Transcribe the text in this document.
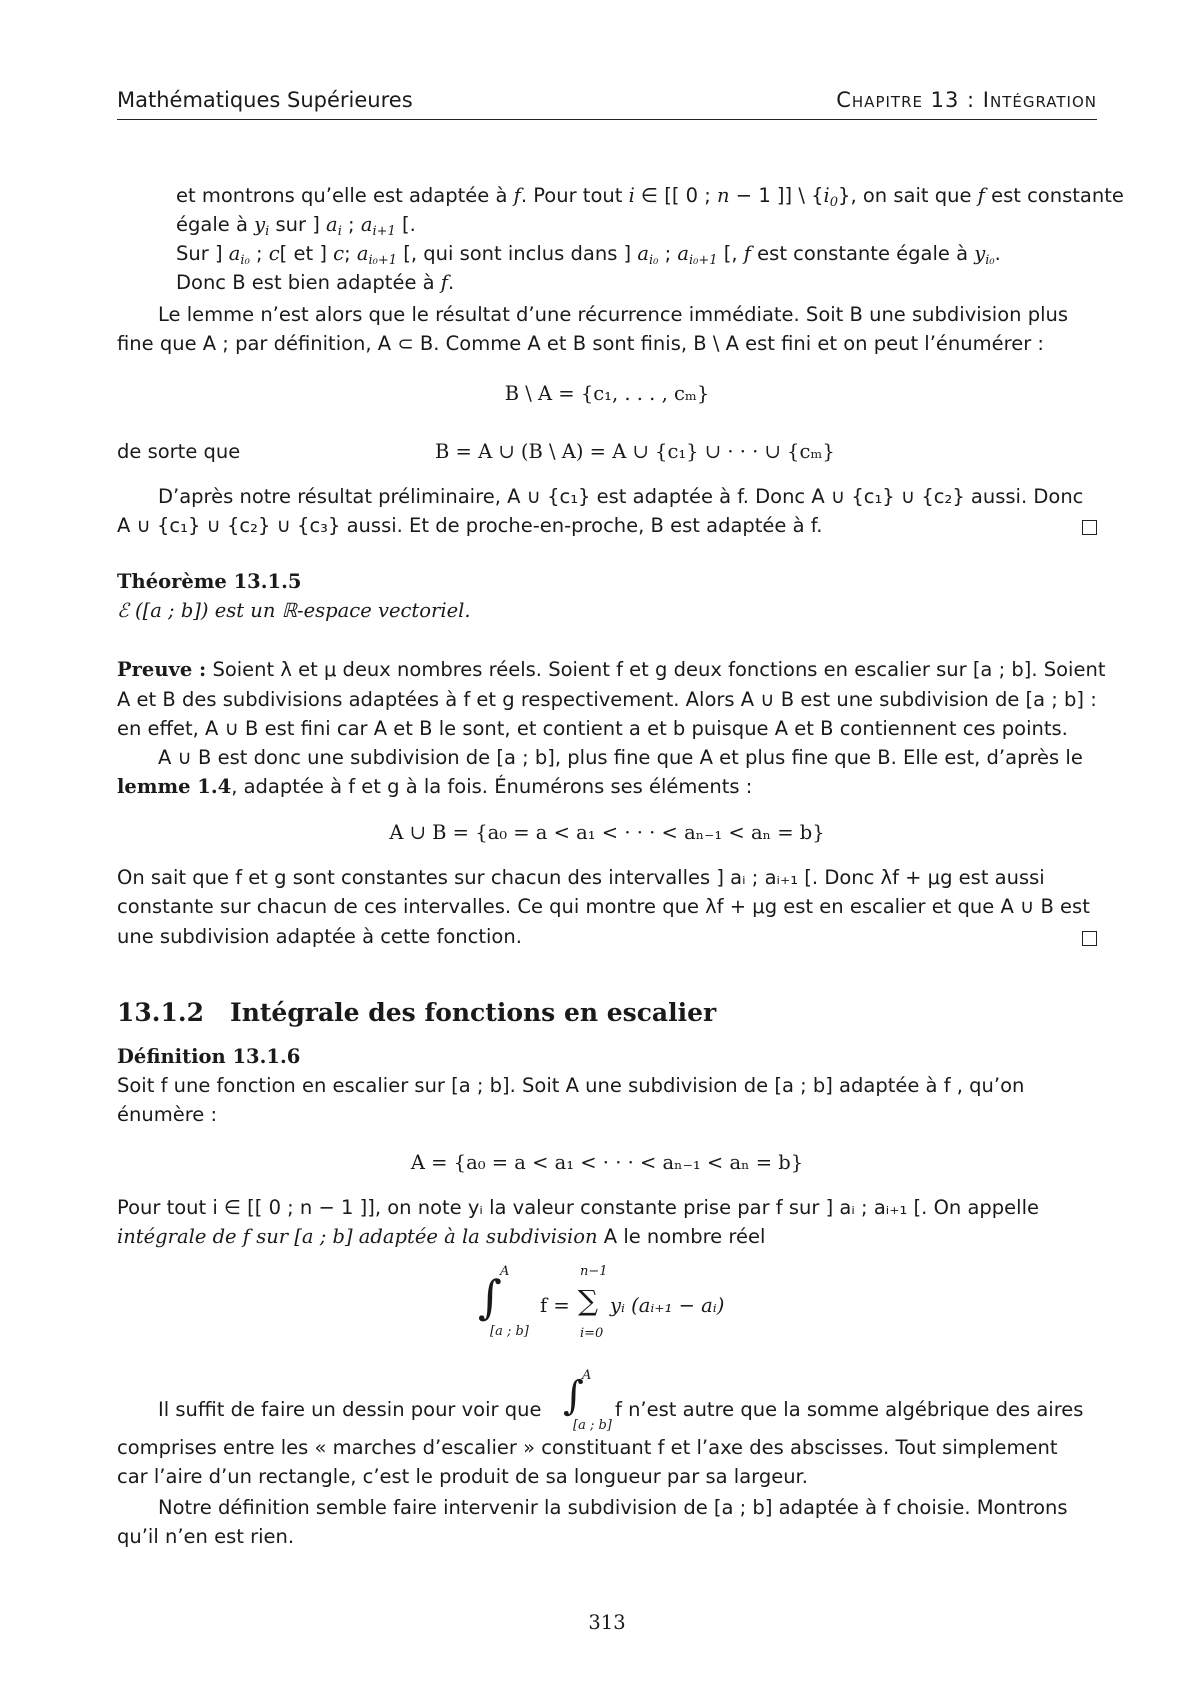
Mathématiques Supérieures	Chapitre 13 : Intégration
et montrons qu’elle est adaptée à f. Pour tout i ∈ [[ 0 ; n − 1 ]] \ $\{i_0\}$, on sait que f est constante
égale à $y_i$ sur ] $a_i$ ; $a_{i+1}$ [.
Sur ] $a_{i_0}$ ; c[ et ] c; $a_{i_0+1}$ [, qui sont inclus dans ] $a_{i_0}$ ; $a_{i_0+1}$ [, f est constante égale à $y_{i_0}$.
Donc B est bien adaptée à f.
Le lemme n’est alors que le résultat d’une récurrence immédiate. Soit B une subdivision plus
fine que A ; par définition, A ⊂ B. Comme A et B sont finis, B \ A est fini et on peut l’énumérer :
B \ A = {c₁, . . . , cₘ}
de sorte que	B = A ∪ (B \ A) = A ∪ {c₁} ∪ · · · ∪ {cₘ}
D’après notre résultat préliminaire, A ∪ {c₁} est adaptée à f. Donc A ∪ {c₁} ∪ {c₂} aussi. Donc
A ∪ {c₁} ∪ {c₂} ∪ {c₃} aussi. Et de proche-en-proche, B est adaptée à f.
Théorème 13.1.5
ℰ ([a ; b]) est un ℝ-espace vectoriel.
Preuve : Soient λ et μ deux nombres réels. Soient f et g deux fonctions en escalier sur [a ; b]. Soient
A et B des subdivisions adaptées à f et g respectivement. Alors A ∪ B est une subdivision de [a ; b] :
en effet, A ∪ B est fini car A et B le sont, et contient a et b puisque A et B contiennent ces points.
A ∪ B est donc une subdivision de [a ; b], plus fine que A et plus fine que B. Elle est, d’après le
lemme 1.4, adaptée à f et g à la fois. Énumérons ses éléments :
A ∪ B = {a₀ = a < a₁ < · · · < aₙ₋₁ < aₙ = b}
On sait que f et g sont constantes sur chacun des intervalles ] aᵢ ; aᵢ₊₁ [. Donc λf + μg est aussi
constante sur chacun de ces intervalles. Ce qui montre que λf + μg est en escalier et que A ∪ B est
une subdivision adaptée à cette fonction.
13.1.2 Intégrale des fonctions en escalier
Définition 13.1.6
Soit f une fonction en escalier sur [a ; b]. Soit A une subdivision de [a ; b] adaptée à f , qu’on
énumère :
A = {a₀ = a < a₁ < · · · < aₙ₋₁ < aₙ = b}
Pour tout i ∈ [[ 0 ; n − 1 ]], on note yᵢ la valeur constante prise par f sur ] aᵢ ; aᵢ₊₁ [. On appelle
intégrale de f sur [a ; b] adaptée à la subdivision A le nombre réel
∫
A
[a ; b]
f =
n−1
∑
i=0
yᵢ (aᵢ₊₁ − aᵢ)
Il suffit de faire un dessin pour voir que ∫
A
[a ; b]
f n’est autre que la somme algébrique des aires
comprises entre les « marches d’escalier » constituant f et l’axe des abscisses. Tout simplement
car l’aire d’un rectangle, c’est le produit de sa longueur par sa largeur.
Notre définition semble faire intervenir la subdivision de [a ; b] adaptée à f choisie. Montrons
qu’il n’en est rien.
313
